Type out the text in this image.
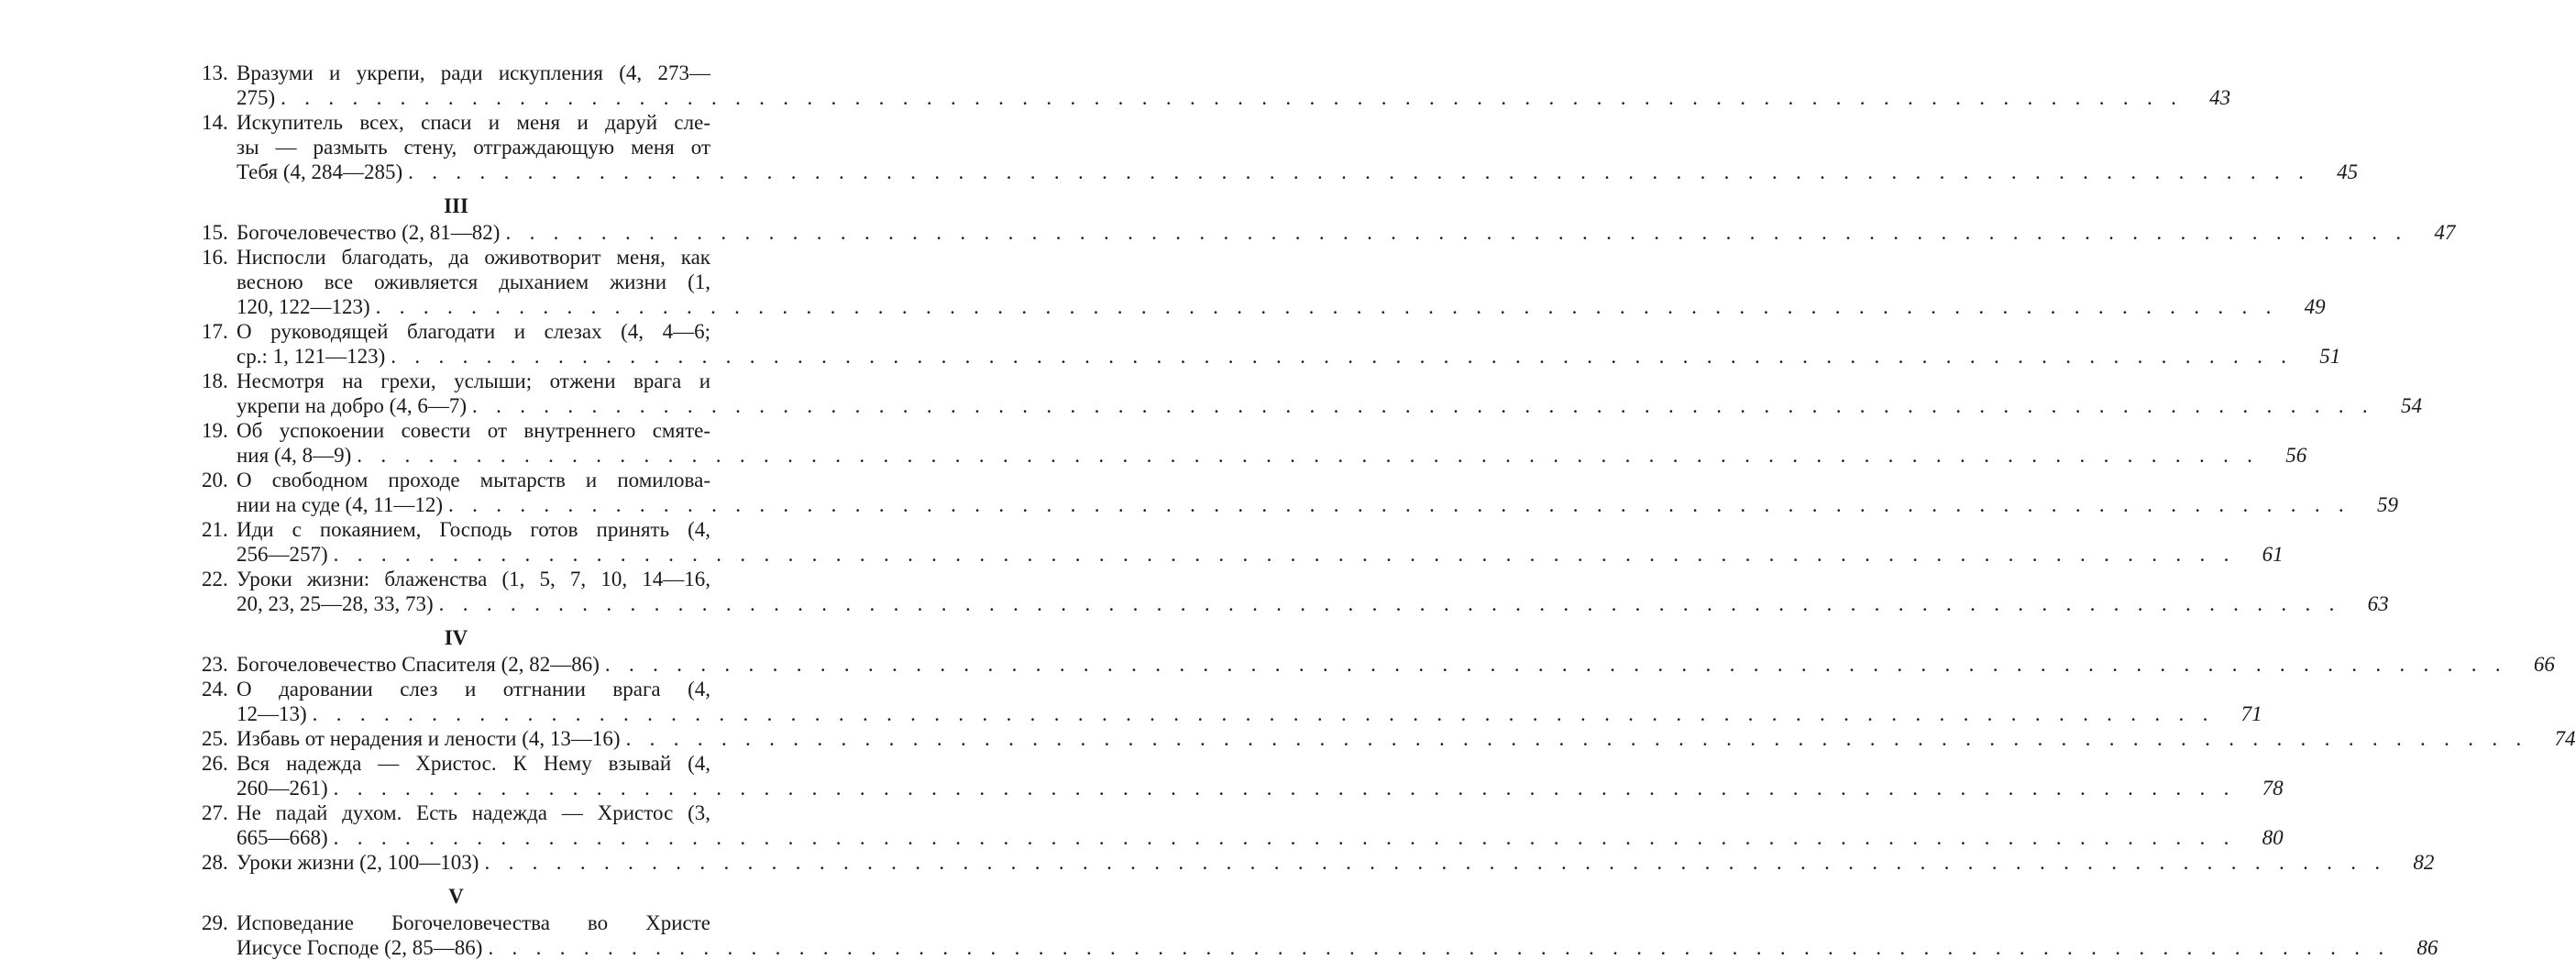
13. Вразуми и укрепи, ради искупления (4, 273—
275) . . . . . . . . . . . . . . . . . . . . . . . . . . . . . . . . . . . . . . . . . . . . . . . . . . . . . . . . . . . . . . . . . . . . . . . . . . . . . . . .	43
14. Искупитель всех, спаси и меня и даруй сле-
зы — размыть стену, отграждающую меня от
Тебя (4, 284—285) . . . . . . . . . . . . . . . . . . . . . . . . . . . . . . . . . . . . . . . . . . . . . . . . . . . . . . . . . . . . . . . . . . . . . . . . . . . . . . . .	45
III
15. Богочеловечество (2, 81—82) . . . . . . . . . . . . . . . . . . . . . . . . . . . . . . . . . . . . . . . . . . . . . . . . . . . . . . . . . . . . . . . . . . . . . . . . . . . . . . . .	47
16. Ниспосли благодать, да оживотворит меня, как
весною все оживляется дыханием жизни (1,
120, 122—123) . . . . . . . . . . . . . . . . . . . . . . . . . . . . . . . . . . . . . . . . . . . . . . . . . . . . . . . . . . . . . . . . . . . . . . . . . . . . . . . .	49
17. О руководящей благодати и слезах (4, 4—6;
ср.: 1, 121—123) . . . . . . . . . . . . . . . . . . . . . . . . . . . . . . . . . . . . . . . . . . . . . . . . . . . . . . . . . . . . . . . . . . . . . . . . . . . . . . . .	51
18. Несмотря на грехи, услыши; отжени врага и
укрепи на добро (4, 6—7) . . . . . . . . . . . . . . . . . . . . . . . . . . . . . . . . . . . . . . . . . . . . . . . . . . . . . . . . . . . . . . . . . . . . . . . . . . . . . . . .	54
19. Об успокоении совести от внутреннего смяте-
ния (4, 8—9) . . . . . . . . . . . . . . . . . . . . . . . . . . . . . . . . . . . . . . . . . . . . . . . . . . . . . . . . . . . . . . . . . . . . . . . . . . . . . . . .	56
20. О свободном проходе мытарств и помилова-
нии на суде (4, 11—12) . . . . . . . . . . . . . . . . . . . . . . . . . . . . . . . . . . . . . . . . . . . . . . . . . . . . . . . . . . . . . . . . . . . . . . . . . . . . . . . .	59
21. Иди с покаянием, Господь готов принять (4,
256—257) . . . . . . . . . . . . . . . . . . . . . . . . . . . . . . . . . . . . . . . . . . . . . . . . . . . . . . . . . . . . . . . . . . . . . . . . . . . . . . . .	61
22. Уроки жизни: блаженства (1, 5, 7, 10, 14—16,
20, 23, 25—28, 33, 73) . . . . . . . . . . . . . . . . . . . . . . . . . . . . . . . . . . . . . . . . . . . . . . . . . . . . . . . . . . . . . . . . . . . . . . . . . . . . . . . .	63
IV
23. Богочеловечество Спасителя (2, 82—86) . . . . . . . . . . . . . . . . . . . . . . . . . . . . . . . . . . . . . . . . . . . . . . . . . . . . . . . . . . . . . . . . . . . . . . . . . . . . . . . .	66
24. О даровании слез и отгнании врага (4,
12—13) . . . . . . . . . . . . . . . . . . . . . . . . . . . . . . . . . . . . . . . . . . . . . . . . . . . . . . . . . . . . . . . . . . . . . . . . . . . . . . . .	71
25. Избавь от нерадения и лености (4, 13—16) . . . . . . . . . . . . . . . . . . . . . . . . . . . . . . . . . . . . . . . . . . . . . . . . . . . . . . . . . . . . . . . . . . . . . . . . . . . . . . . .	74
26. Вся надежда — Христос. К Нему взывай (4,
260—261) . . . . . . . . . . . . . . . . . . . . . . . . . . . . . . . . . . . . . . . . . . . . . . . . . . . . . . . . . . . . . . . . . . . . . . . . . . . . . . . .	78
27. Не падай духом. Есть надежда — Христос (3,
665—668) . . . . . . . . . . . . . . . . . . . . . . . . . . . . . . . . . . . . . . . . . . . . . . . . . . . . . . . . . . . . . . . . . . . . . . . . . . . . . . . .	80
28. Уроки жизни (2, 100—103) . . . . . . . . . . . . . . . . . . . . . . . . . . . . . . . . . . . . . . . . . . . . . . . . . . . . . . . . . . . . . . . . . . . . . . . . . . . . . . . .	82
V
29. Исповедание Богочеловечества во Христе
Иисусе Господе (2, 85—86) . . . . . . . . . . . . . . . . . . . . . . . . . . . . . . . . . . . . . . . . . . . . . . . . . . . . . . . . . . . . . . . . . . . . . . . . . . . . . . . .	86
